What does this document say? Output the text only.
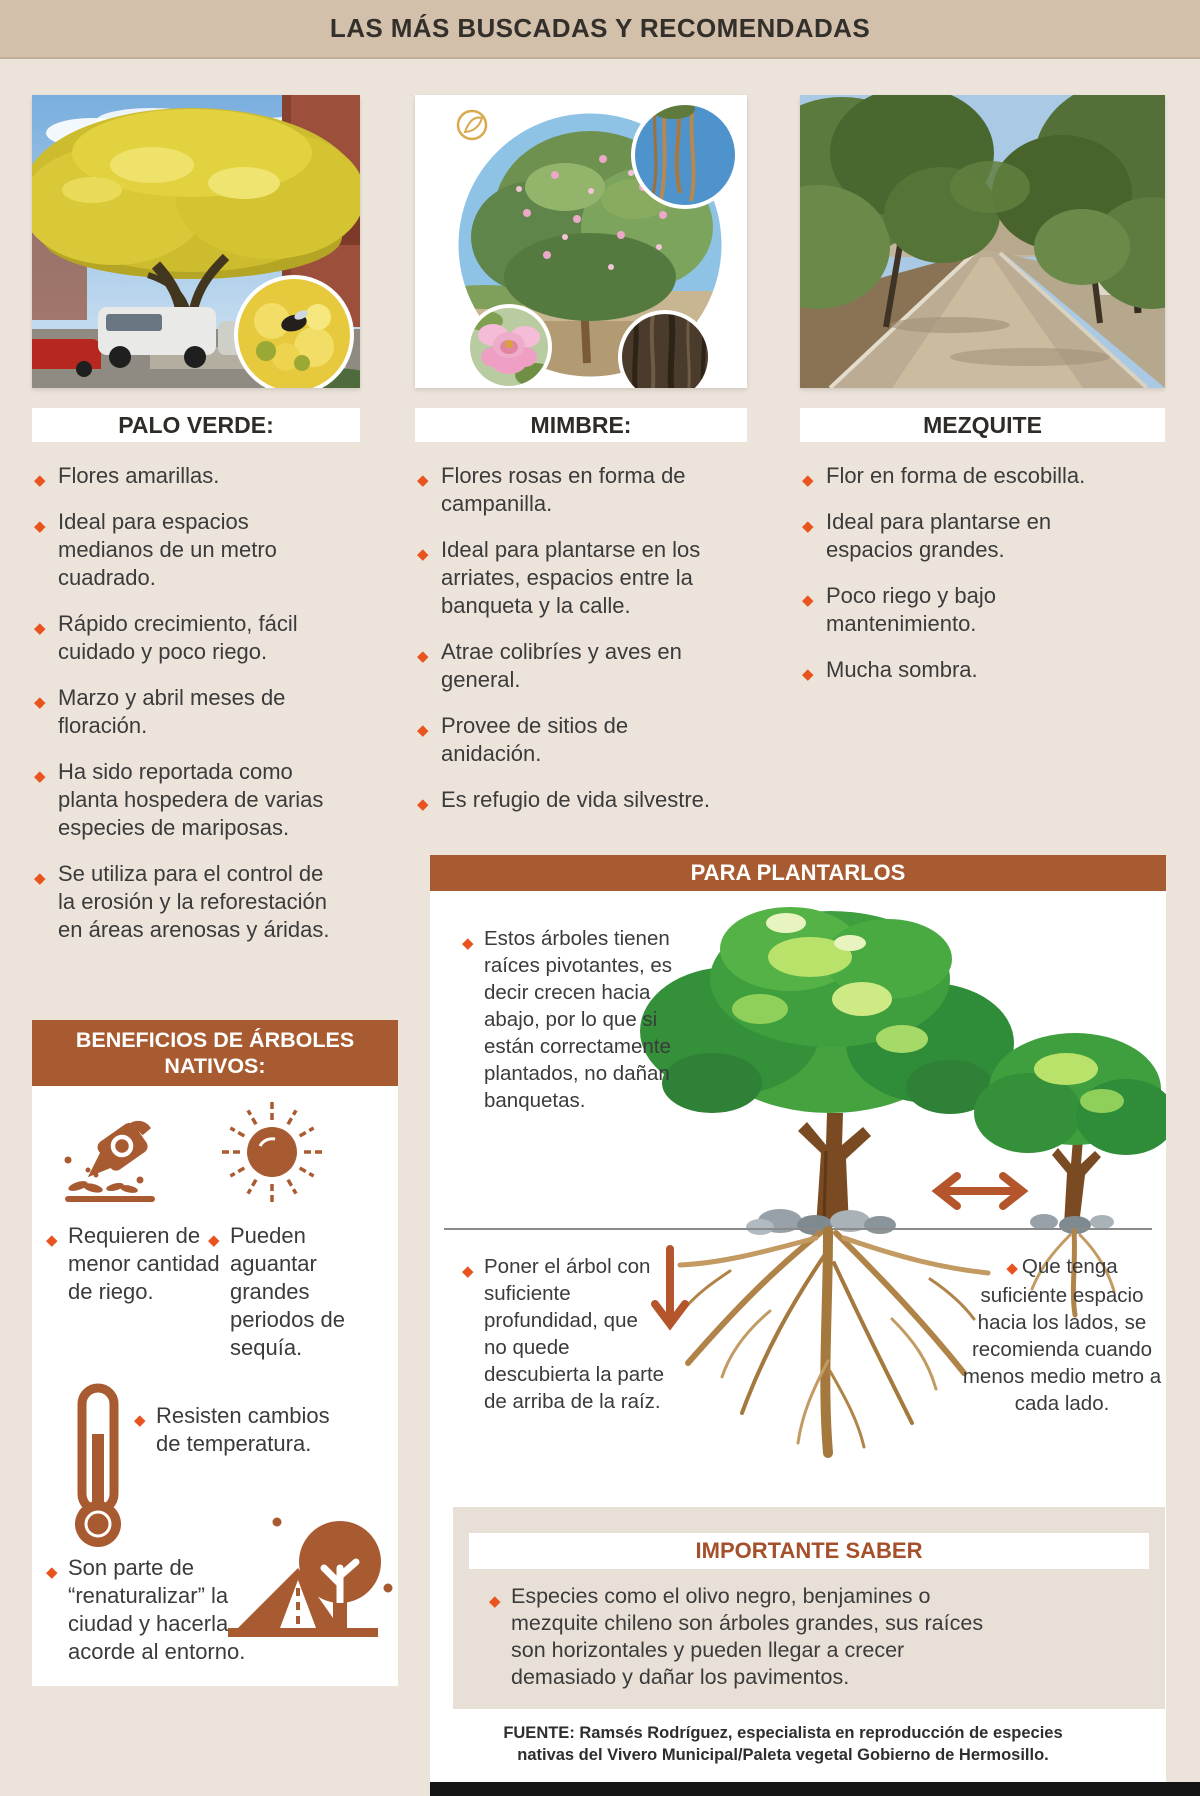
LAS MÁS BUSCADAS Y RECOMENDADAS
PALO VERDE:	MIMBRE:	MEZQUITE
◆ Flores amarillas.
◆ Ideal para espacios medianos de un metro cuadrado.
◆ Rápido crecimiento, fácil cuidado y poco riego.
◆ Marzo y abril meses de floración.
◆ Ha sido reportada como planta hospedera de varias especies de mariposas.
◆ Se utiliza para el control de la erosión y la reforestación en áreas arenosas y áridas.
◆ Flores rosas en forma de campanilla.
◆ Ideal para plantarse en los arriates, espacios entre la banqueta y la calle.
◆ Atrae colibríes y aves en general.
◆ Provee de sitios de anidación.
◆ Es refugio de vida silvestre.
◆ Flor en forma de escobilla.
◆ Ideal para plantarse en espacios grandes.
◆ Poco riego y bajo mantenimiento.
◆ Mucha sombra.
BENEFICIOS DE ÁRBOLES NATIVOS:
◆ Requieren de menor cantidad de riego.
◆ Pueden aguantar grandes periodos de sequía.
◆ Resisten cambios de temperatura.
◆ Son parte de “renaturalizar” la ciudad y hacerla acorde al entorno.
PARA PLANTARLOS
◆ Estos árboles tienen raíces pivotantes, es decir crecen hacia abajo, por lo que si están correctamente plantados, no dañan banquetas.
◆ Poner el árbol con suficiente profundidad, que no quede descubierta la parte de arriba de la raíz.
◆ Que tenga suficiente espacio hacia los lados, se recomienda cuando menos medio metro a cada lado.
IMPORTANTE SABER
◆ Especies como el olivo negro, benjamines o mezquite chileno son árboles grandes, sus raíces son horizontales y pueden llegar a crecer demasiado y dañar los pavimentos.
FUENTE: Ramsés Rodríguez, especialista en reproducción de especies nativas del Vivero Municipal/Paleta vegetal Gobierno de Hermosillo.
